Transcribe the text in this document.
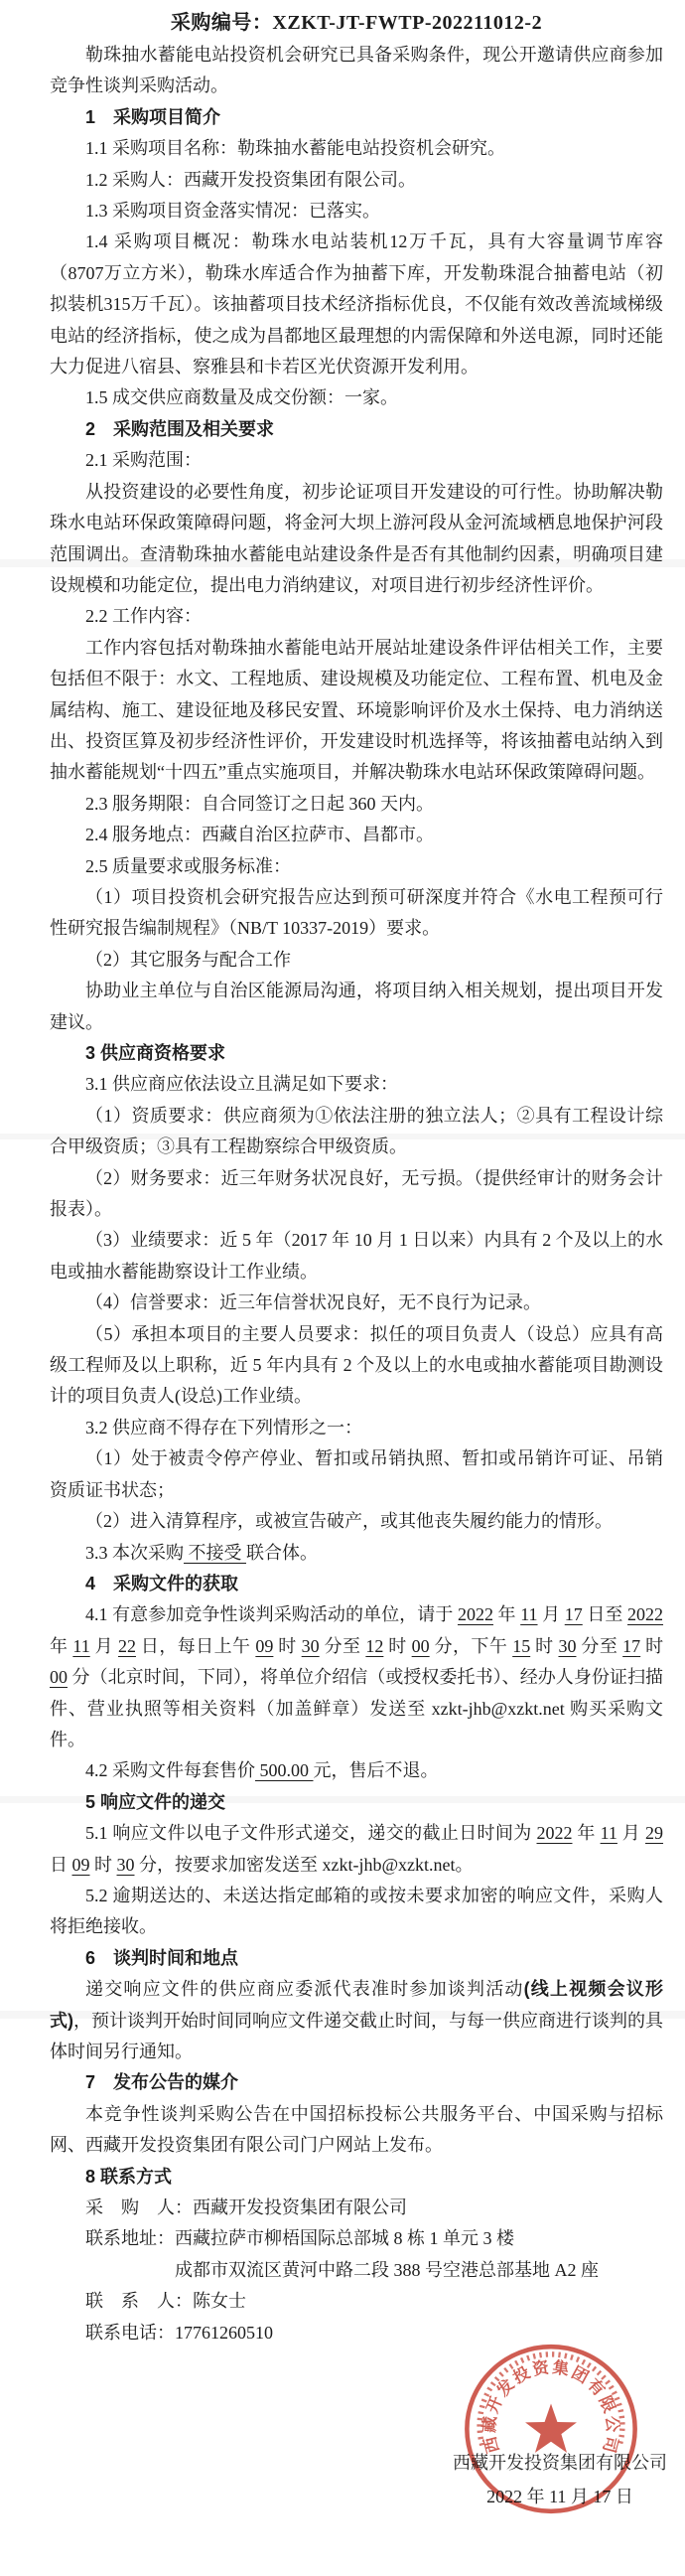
采购编号：XZKT-JT-FWTP-202211012-2
勒珠抽水蓄能电站投资机会研究已具备采购条件，现公开邀请供应商参加竞争性谈判采购活动。
1　采购项目简介
1.1 采购项目名称：勒珠抽水蓄能电站投资机会研究。
1.2 采购人：西藏开发投资集团有限公司。
1.3 采购项目资金落实情况：已落实。
1.4 采购项目概况：勒珠水电站装机12万千瓦，具有大容量调节库容（8707万立方米），勒珠水库适合作为抽蓄下库，开发勒珠混合抽蓄电站（初拟装机315万千瓦）。该抽蓄项目技术经济指标优良，不仅能有效改善流域梯级电站的经济指标，使之成为昌都地区最理想的内需保障和外送电源，同时还能大力促进八宿县、察雅县和卡若区光伏资源开发利用。
1.5 成交供应商数量及成交份额：一家。
2　采购范围及相关要求
2.1 采购范围：
从投资建设的必要性角度，初步论证项目开发建设的可行性。协助解决勒珠水电站环保政策障碍问题，将金河大坝上游河段从金河流域栖息地保护河段范围调出。查清勒珠抽水蓄能电站建设条件是否有其他制约因素，明确项目建设规模和功能定位，提出电力消纳建议，对项目进行初步经济性评价。
2.2 工作内容：
工作内容包括对勒珠抽水蓄能电站开展站址建设条件评估相关工作，主要包括但不限于：水文、工程地质、建设规模及功能定位、工程布置、机电及金属结构、施工、建设征地及移民安置、环境影响评价及水土保持、电力消纳送出、投资匡算及初步经济性评价，开发建设时机选择等，将该抽蓄电站纳入到抽水蓄能规划“十四五”重点实施项目，并解决勒珠水电站环保政策障碍问题。
2.3 服务期限：自合同签订之日起 360 天内。
2.4 服务地点：西藏自治区拉萨市、昌都市。
2.5 质量要求或服务标准：
（1）项目投资机会研究报告应达到预可研深度并符合《水电工程预可行性研究报告编制规程》（NB/T 10337-2019）要求。
（2）其它服务与配合工作
协助业主单位与自治区能源局沟通，将项目纳入相关规划，提出项目开发建议。
3 供应商资格要求
3.1 供应商应依法设立且满足如下要求：
（1）资质要求：供应商须为①依法注册的独立法人；②具有工程设计综合甲级资质；③具有工程勘察综合甲级资质。
（2）财务要求：近三年财务状况良好，无亏损。（提供经审计的财务会计报表）。
（3）业绩要求：近 5 年（2017 年 10 月 1 日以来）内具有 2 个及以上的水电或抽水蓄能勘察设计工作业绩。
（4）信誉要求：近三年信誉状况良好，无不良行为记录。
（5）承担本项目的主要人员要求：拟任的项目负责人（设总）应具有高级工程师及以上职称，近 5 年内具有 2 个及以上的水电或抽水蓄能项目勘测设计的项目负责人(设总)工作业绩。
3.2 供应商不得存在下列情形之一：
（1）处于被责令停产停业、暂扣或吊销执照、暂扣或吊销许可证、吊销资质证书状态；
（2）进入清算程序，或被宣告破产，或其他丧失履约能力的情形。
3.3 本次采购 不接受 联合体。
4　采购文件的获取
4.1 有意参加竞争性谈判采购活动的单位，请于 2022 年 11 月 17 日至 2022 年 11 月 22 日，每日上午 09 时 30 分至 12 时 00 分，下午 15 时 30 分至 17 时 00 分（北京时间，下同），将单位介绍信（或授权委托书）、经办人身份证扫描件、营业执照等相关资料（加盖鲜章）发送至 xzkt-jhb@xzkt.net 购买采购文件。
4.2 采购文件每套售价 500.00 元，售后不退。
5 响应文件的递交
5.1 响应文件以电子文件形式递交，递交的截止日时间为 2022 年 11 月 29 日 09 时 30 分，按要求加密发送至 xzkt-jhb@xzkt.net。
5.2 逾期送达的、未送达指定邮箱的或按未要求加密的响应文件，采购人将拒绝接收。
6　谈判时间和地点
递交响应文件的供应商应委派代表准时参加谈判活动(线上视频会议形式)，预计谈判开始时间同响应文件递交截止时间，与每一供应商进行谈判的具体时间另行通知。
7　发布公告的媒介
本竞争性谈判采购公告在中国招标投标公共服务平台、中国采购与招标网、西藏开发投资集团有限公司门户网站上发布。
8 联系方式
采　购　人：西藏开发投资集团有限公司
联系地址：西藏拉萨市柳梧国际总部城 8 栋 1 单元 3 楼
成都市双流区黄河中路二段 388 号空港总部基地 A2 座
联　系　人：陈女士
联系电话：17761260510
西藏开发投资集团有限公司
2022 年 11 月 17 日
西藏开发投资集团有限公司
